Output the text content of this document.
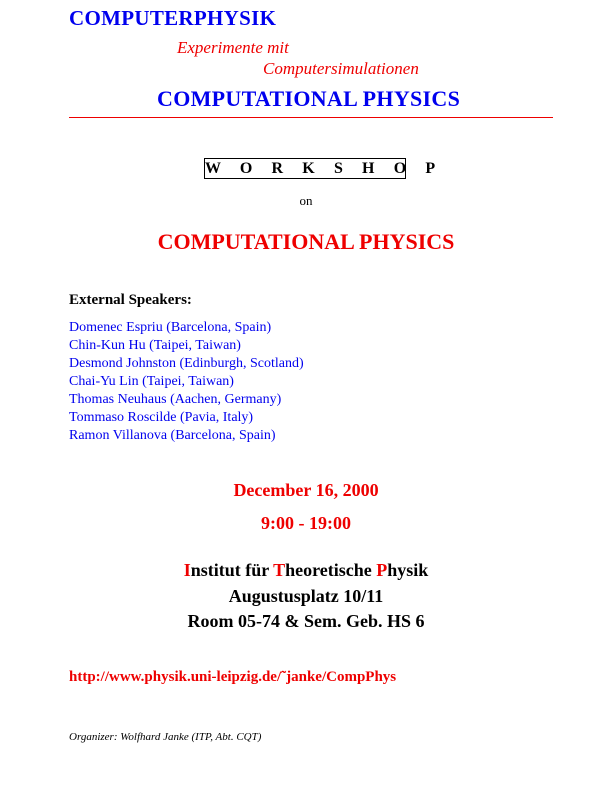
COMPUTERPHYSIK
Experimente mit
Computersimulationen
COMPUTATIONAL PHYSICS
W O R K S H O P
on
COMPUTATIONAL PHYSICS
External Speakers:
Domenec Espriu (Barcelona, Spain)
Chin-Kun Hu (Taipei, Taiwan)
Desmond Johnston (Edinburgh, Scotland)
Chai-Yu Lin (Taipei, Taiwan)
Thomas Neuhaus (Aachen, Germany)
Tommaso Roscilde (Pavia, Italy)
Ramon Villanova (Barcelona, Spain)
December 16, 2000
9:00 - 19:00
Institut für Theoretische Physik
Augustusplatz 10/11
Room 05-74 & Sem. Geb. HS 6
http://www.physik.uni-leipzig.de/˜janke/CompPhys
Organizer: Wolfhard Janke (ITP, Abt. CQT)
